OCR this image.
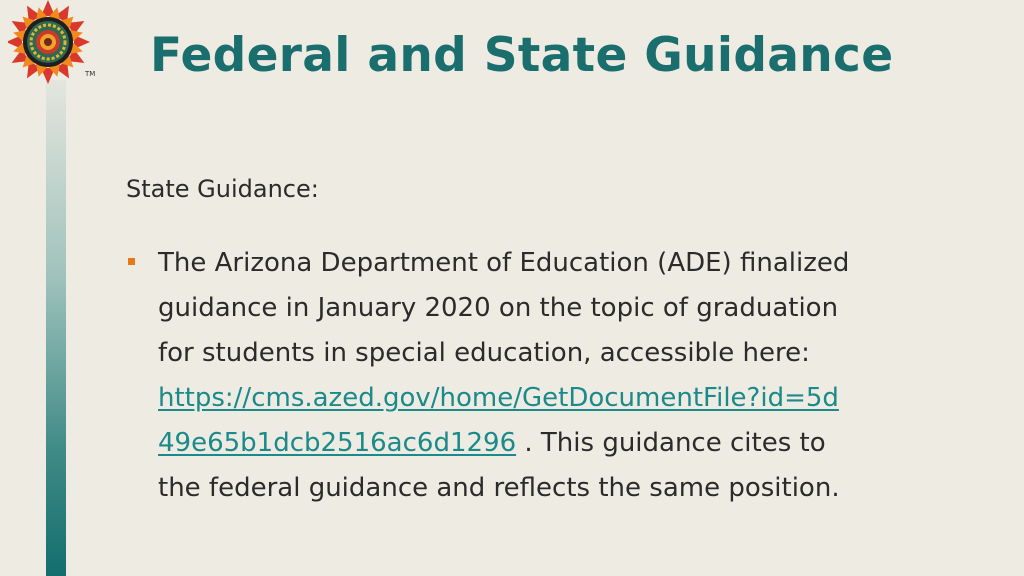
TM Federal and State Guidance
State Guidance:
The Arizona Department of Education (ADE) finalized
guidance in January 2020 on the topic of graduation
for students in special education, accessible here:
https://cms.azed.gov/home/GetDocumentFile?id=5d
49e65b1dcb2516ac6d1296 . This guidance cites to
the federal guidance and reflects the same position.
